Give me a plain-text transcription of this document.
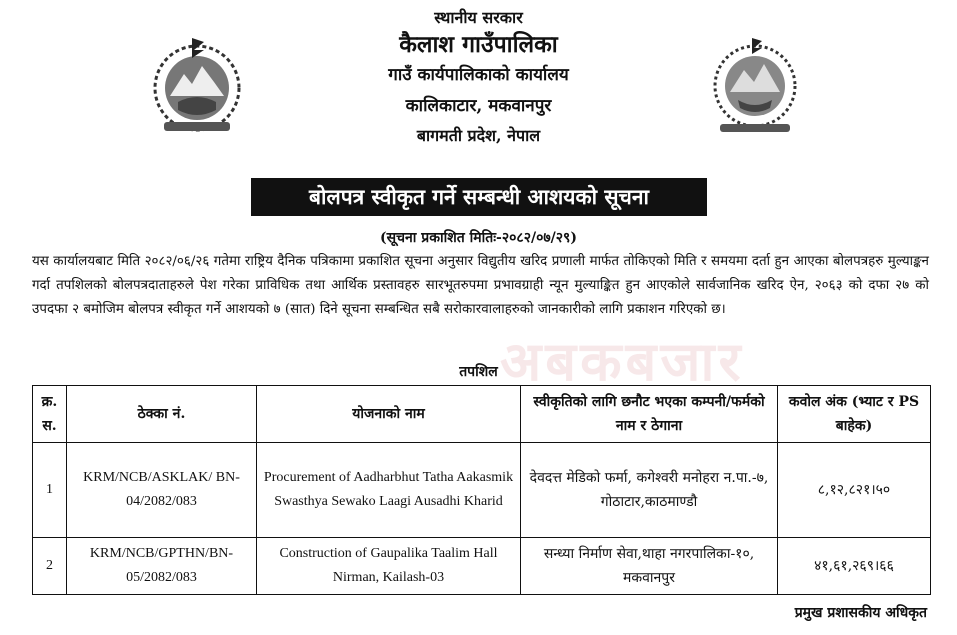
स्थानीय सरकार
कैलाश गाउँपालिका
गाउँ कार्यपालिकाको कार्यालय
कालिकाटार, मकवानपुर
बागमती प्रदेश, नेपाल
बोलपत्र स्वीकृत गर्ने सम्बन्धी आशयको सूचना
(सूचना प्रकाशित मितिः-२०८२/०७/२९)
यस कार्यालयबाट मिति २०८२/०६/२६ गतेमा राष्ट्रिय दैनिक पत्रिकामा प्रकाशित सूचना अनुसार विद्युतीय खरिद प्रणाली मार्फत तोकिएको मिति र समयमा दर्ता हुन आएका बोलपत्रहरु मुल्याङ्कन गर्दा तपशिलको बोलपत्रदाताहरुले पेश गरेका प्राविधिक तथा आर्थिक प्रस्तावहरु सारभूतरुपमा प्रभावग्राही न्यून मुल्याङ्कित हुन आएकोले सार्वजानिक खरिद ऐन, २०६३ को दफा २७ को उपदफा २ बमोजिम बोलपत्र स्वीकृत गर्ने आशयको ७ (सात) दिने सूचना सम्बन्धित सबै सरोकारवालाहरुको जानकारीको लागि प्रकाशन गरिएको छ।
अबकबजार
तपशिल
क्र. स.	ठेक्का नं.	योजनाको नाम	स्वीकृतिको लागि छनौट भएका कम्पनी/फर्मको नाम र ठेगाना	कवोल अंक (भ्याट र PS बाहेक)
1	KRM/NCB/ASKLAK/ BN-04/2082/083	Procurement of Aadharbhut Tatha Aakasmik Swasthya Sewako Laagi Ausadhi Kharid	देवदत्त मेडिको फर्मा, कगेश्वरी मनोहरा न.पा.-७, गोठाटार,काठमाण्डौ	८,१२,८२१।५०
2	KRM/NCB/GPTHN/BN-05/2082/083	Construction of Gaupalika Taalim Hall Nirman, Kailash-03	सन्ध्या निर्माण सेवा,थाहा नगरपालिका-१०, मकवानपुर	४१,६१,२६९।६६
प्रमुख प्रशासकीय अधिकृत
